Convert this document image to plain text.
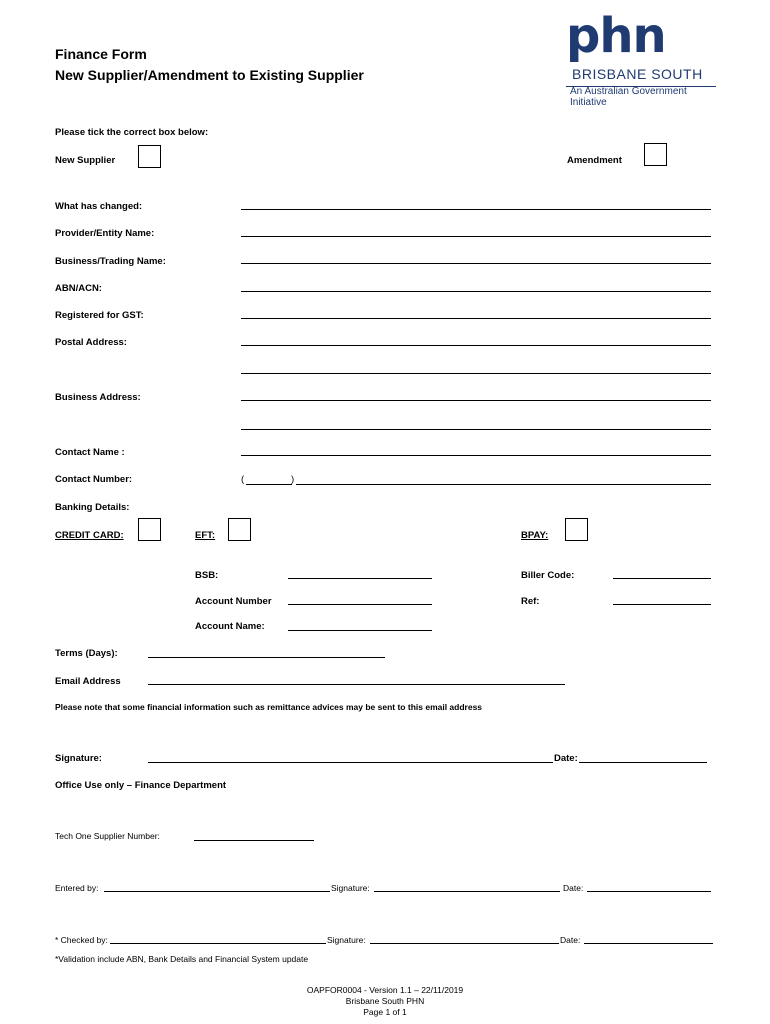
Finance Form
New Supplier/Amendment to Existing Supplier
phn
BRISBANE SOUTH
An Australian Government Initiative
Please tick the correct box below:
New Supplier	Amendment
What has changed:
Provider/Entity Name:
Business/Trading Name:
ABN/ACN:
Registered for GST:
Postal Address:
Business Address:
Contact Name :
Contact Number:	(	)
Banking Details:
CREDIT CARD:	EFT:	BPAY:
BSB:	Biller Code:
Account Number	Ref:
Account Name:
Terms (Days):
Email Address
Please note that some financial information such as remittance advices may be sent to this email address
Signature:	Date:
Office Use only – Finance Department
Tech One Supplier Number:
Entered by:	Signature:	Date:
* Checked by:	Signature:	Date:
*Validation include ABN, Bank Details and Financial System update
OAPFOR0004 - Version 1.1 – 22/11/2019
Brisbane South PHN
Page 1 of 1
